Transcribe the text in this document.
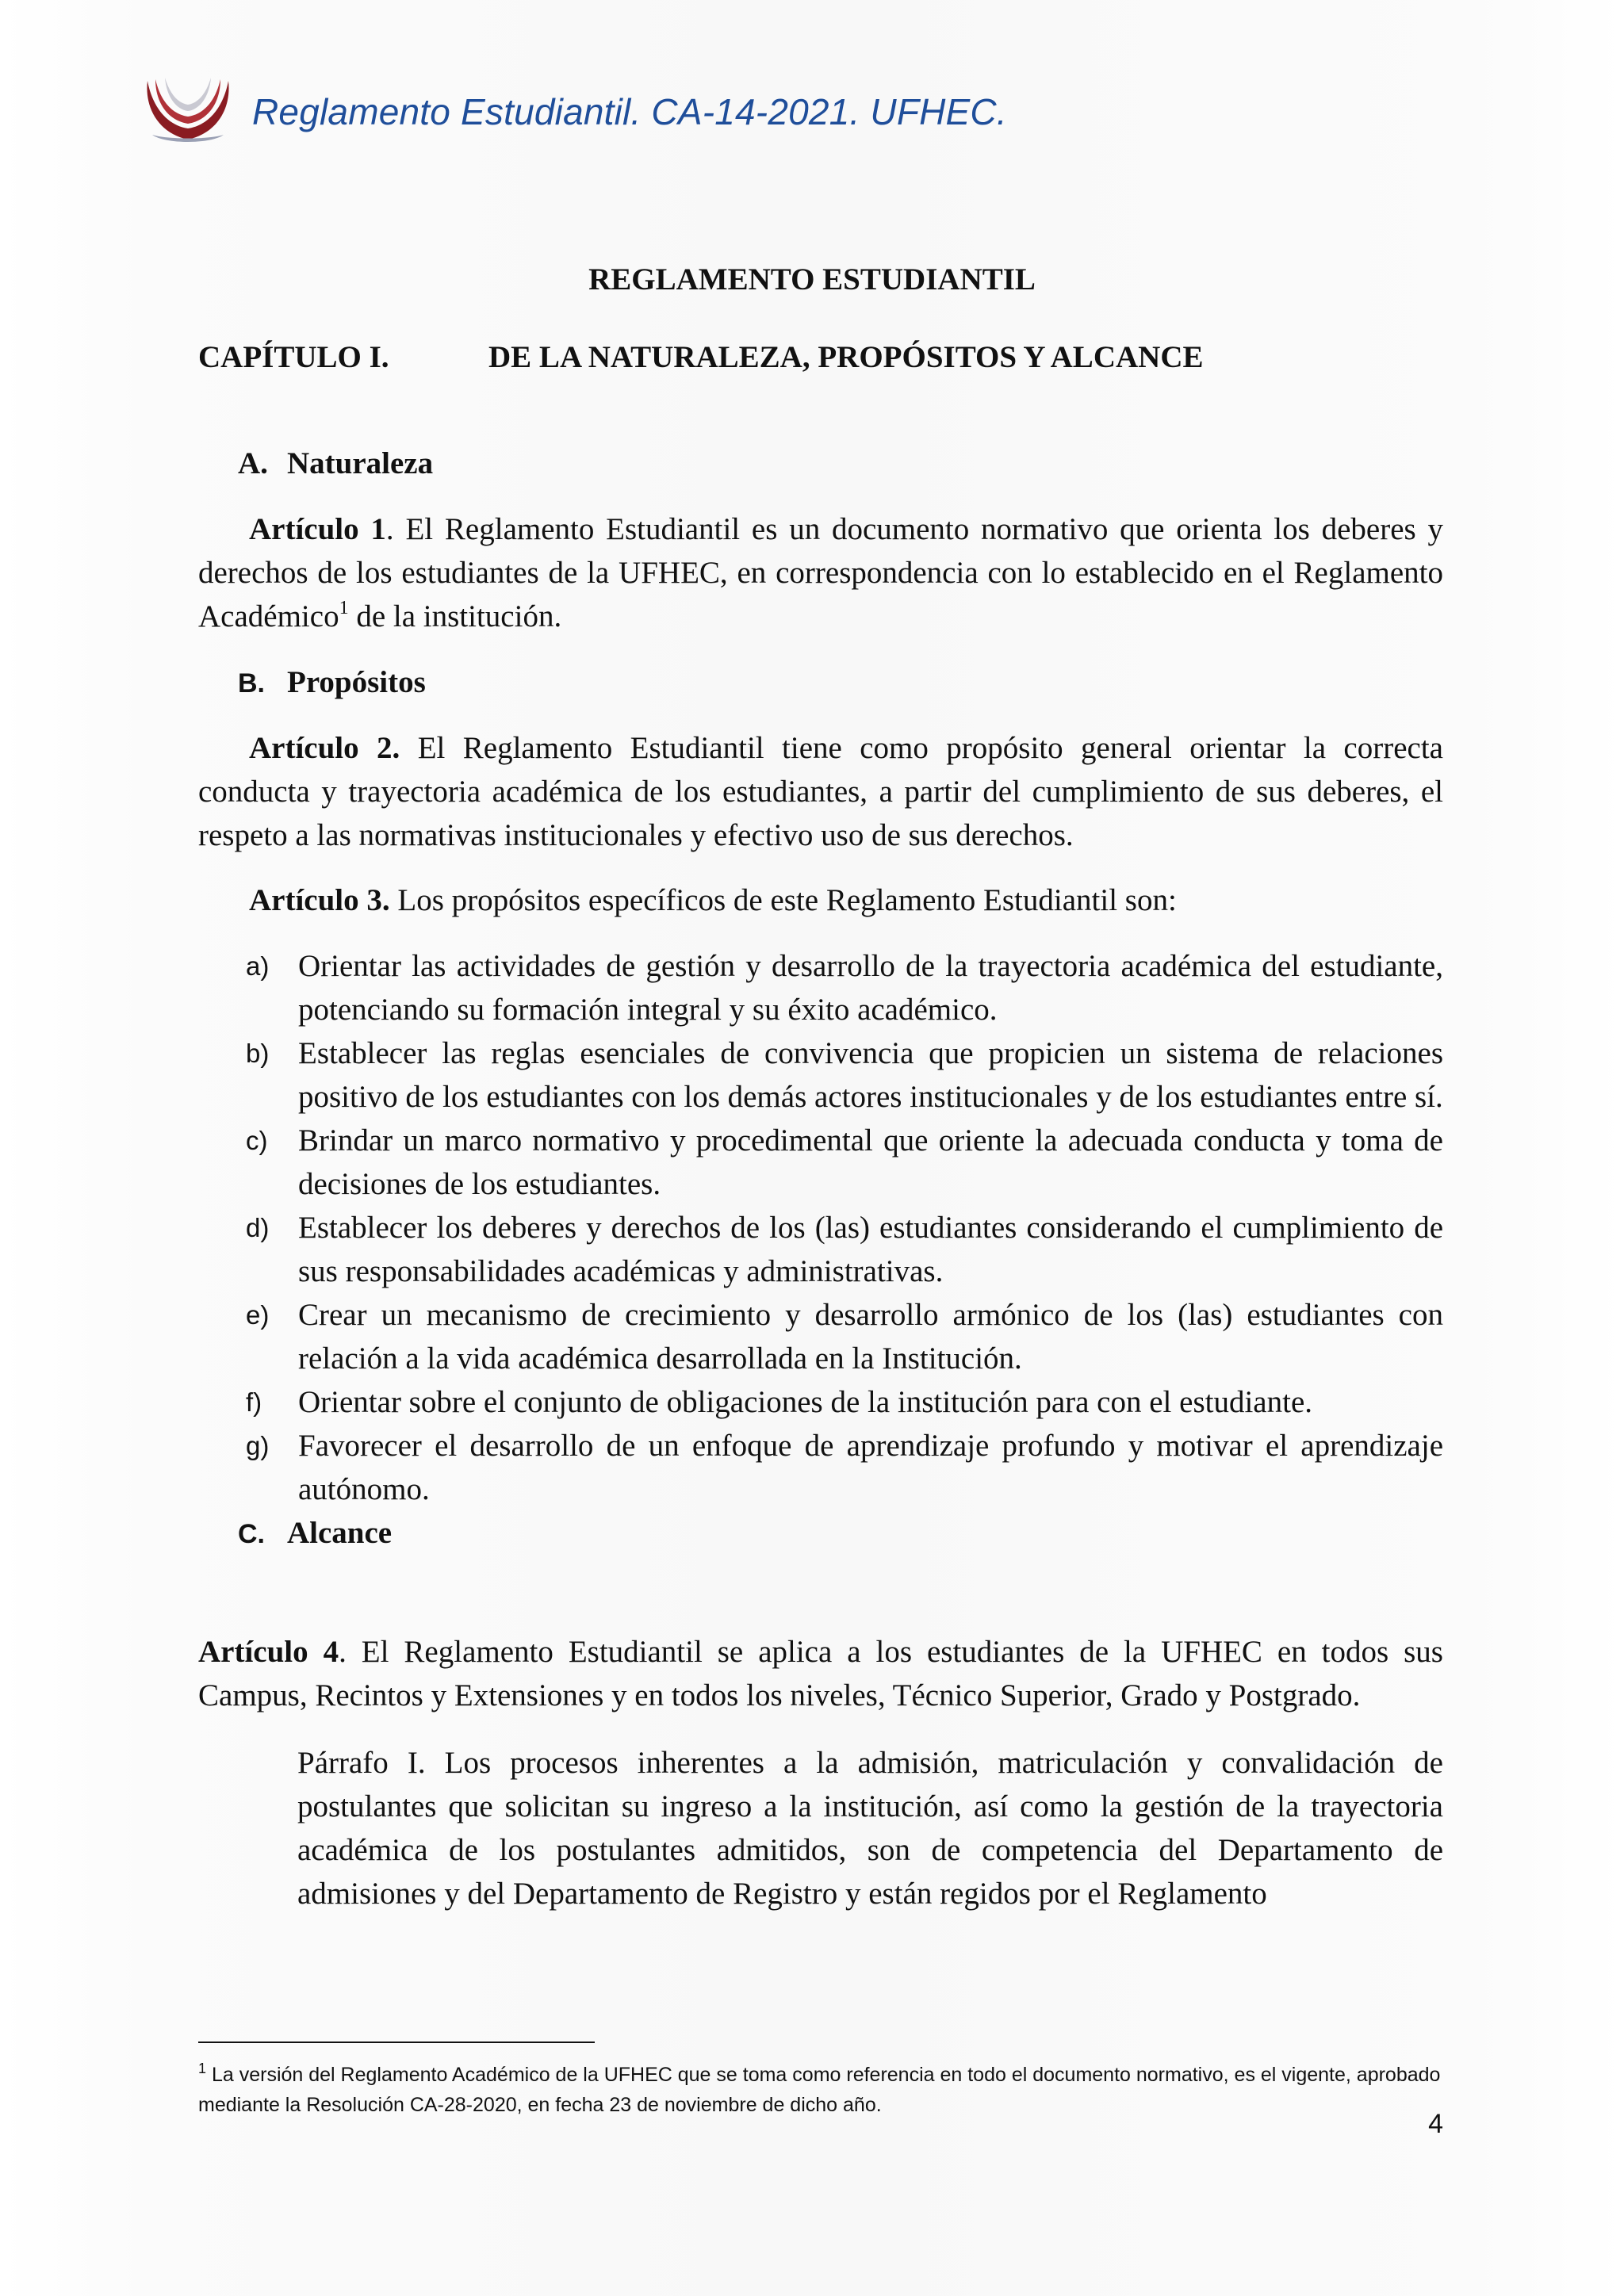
Reglamento Estudiantil. CA-14-2021. UFHEC.
REGLAMENTO ESTUDIANTIL
CAPÍTULO I.	DE LA NATURALEZA, PROPÓSITOS Y ALCANCE
A. Naturaleza
Artículo 1. El Reglamento Estudiantil es un documento normativo que orienta los deberes y derechos de los estudiantes de la UFHEC, en correspondencia con lo establecido en el Reglamento Académico$^1$ de la institución.
B. Propósitos
Artículo 2. El Reglamento Estudiantil tiene como propósito general orientar la correcta conducta y trayectoria académica de los estudiantes, a partir del cumplimiento de sus deberes, el respeto a las normativas institucionales y efectivo uso de sus derechos.
Artículo 3. Los propósitos específicos de este Reglamento Estudiantil son:
a) Orientar las actividades de gestión y desarrollo de la trayectoria académica del estudiante, potenciando su formación integral y su éxito académico.
b) Establecer las reglas esenciales de convivencia que propicien un sistema de relaciones positivo de los estudiantes con los demás actores institucionales y de los estudiantes entre sí.
c) Brindar un marco normativo y procedimental que oriente la adecuada conducta y toma de decisiones de los estudiantes.
d) Establecer los deberes y derechos de los (las) estudiantes considerando el cumplimiento de sus responsabilidades académicas y administrativas.
e) Crear un mecanismo de crecimiento y desarrollo armónico de los (las) estudiantes con relación a la vida académica desarrollada en la Institución.
f)	Orientar sobre el conjunto de obligaciones de la institución para con el estudiante.
g) Favorecer el desarrollo de un enfoque de aprendizaje profundo y motivar el aprendizaje autónomo.
C. Alcance
Artículo 4. El Reglamento Estudiantil se aplica a los estudiantes de la UFHEC en todos sus Campus, Recintos y Extensiones y en todos los niveles, Técnico Superior, Grado y Postgrado.
Párrafo I. Los procesos inherentes a la admisión, matriculación y convalidación de postulantes que solicitan su ingreso a la institución, así como la gestión de la trayectoria académica de los postulantes admitidos, son de competencia del Departamento de admisiones y del Departamento de Registro y están regidos por el Reglamento
$^1$ La versión del Reglamento Académico de la UFHEC que se toma como referencia en todo el documento normativo, es el vigente, aprobado mediante la Resolución CA-28-2020, en fecha 23 de noviembre de dicho año.
4
